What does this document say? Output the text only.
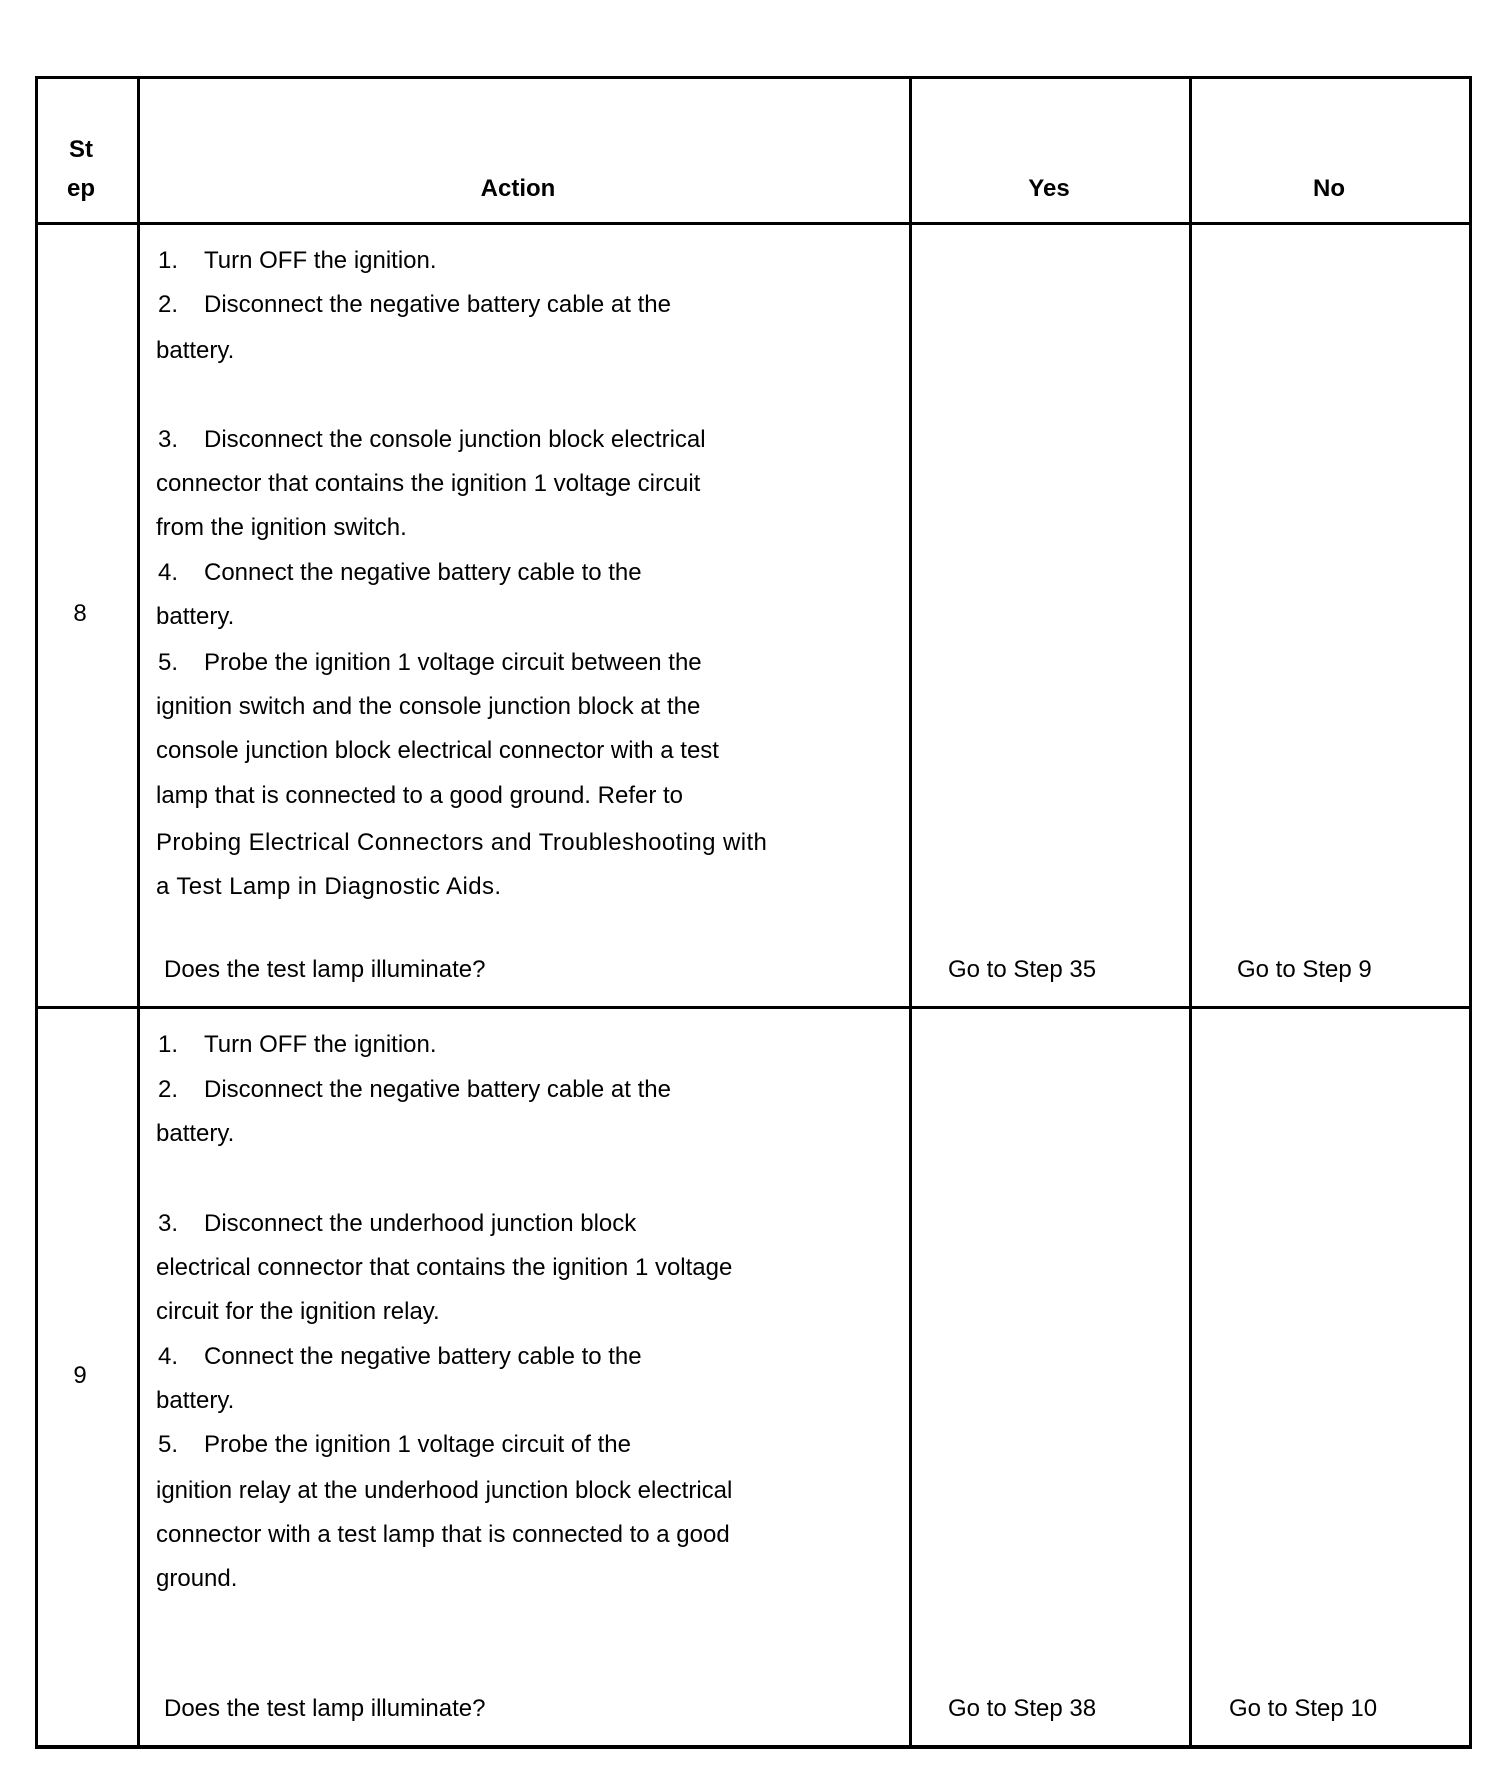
St
ep	Action	Yes	No
8
1. Turn OFF the ignition.
2. Disconnect the negative battery cable at the
battery.
3. Disconnect the console junction block electrical
connector that contains the ignition 1 voltage circuit
from the ignition switch.
4. Connect the negative battery cable to the
battery.
5. Probe the ignition 1 voltage circuit between the
ignition switch and the console junction block at the
console junction block electrical connector with a test
lamp that is connected to a good ground. Refer to
Probing Electrical Connectors and Troubleshooting with
a Test Lamp in Diagnostic Aids.
Does the test lamp illuminate?	Go to Step 35	Go to Step 9
9
1. Turn OFF the ignition.
2. Disconnect the negative battery cable at the
battery.
3. Disconnect the underhood junction block
electrical connector that contains the ignition 1 voltage
circuit for the ignition relay.
4. Connect the negative battery cable to the
battery.
5. Probe the ignition 1 voltage circuit of the
ignition relay at the underhood junction block electrical
connector with a test lamp that is connected to a good
ground.
Does the test lamp illuminate?	Go to Step 38	Go to Step 10
